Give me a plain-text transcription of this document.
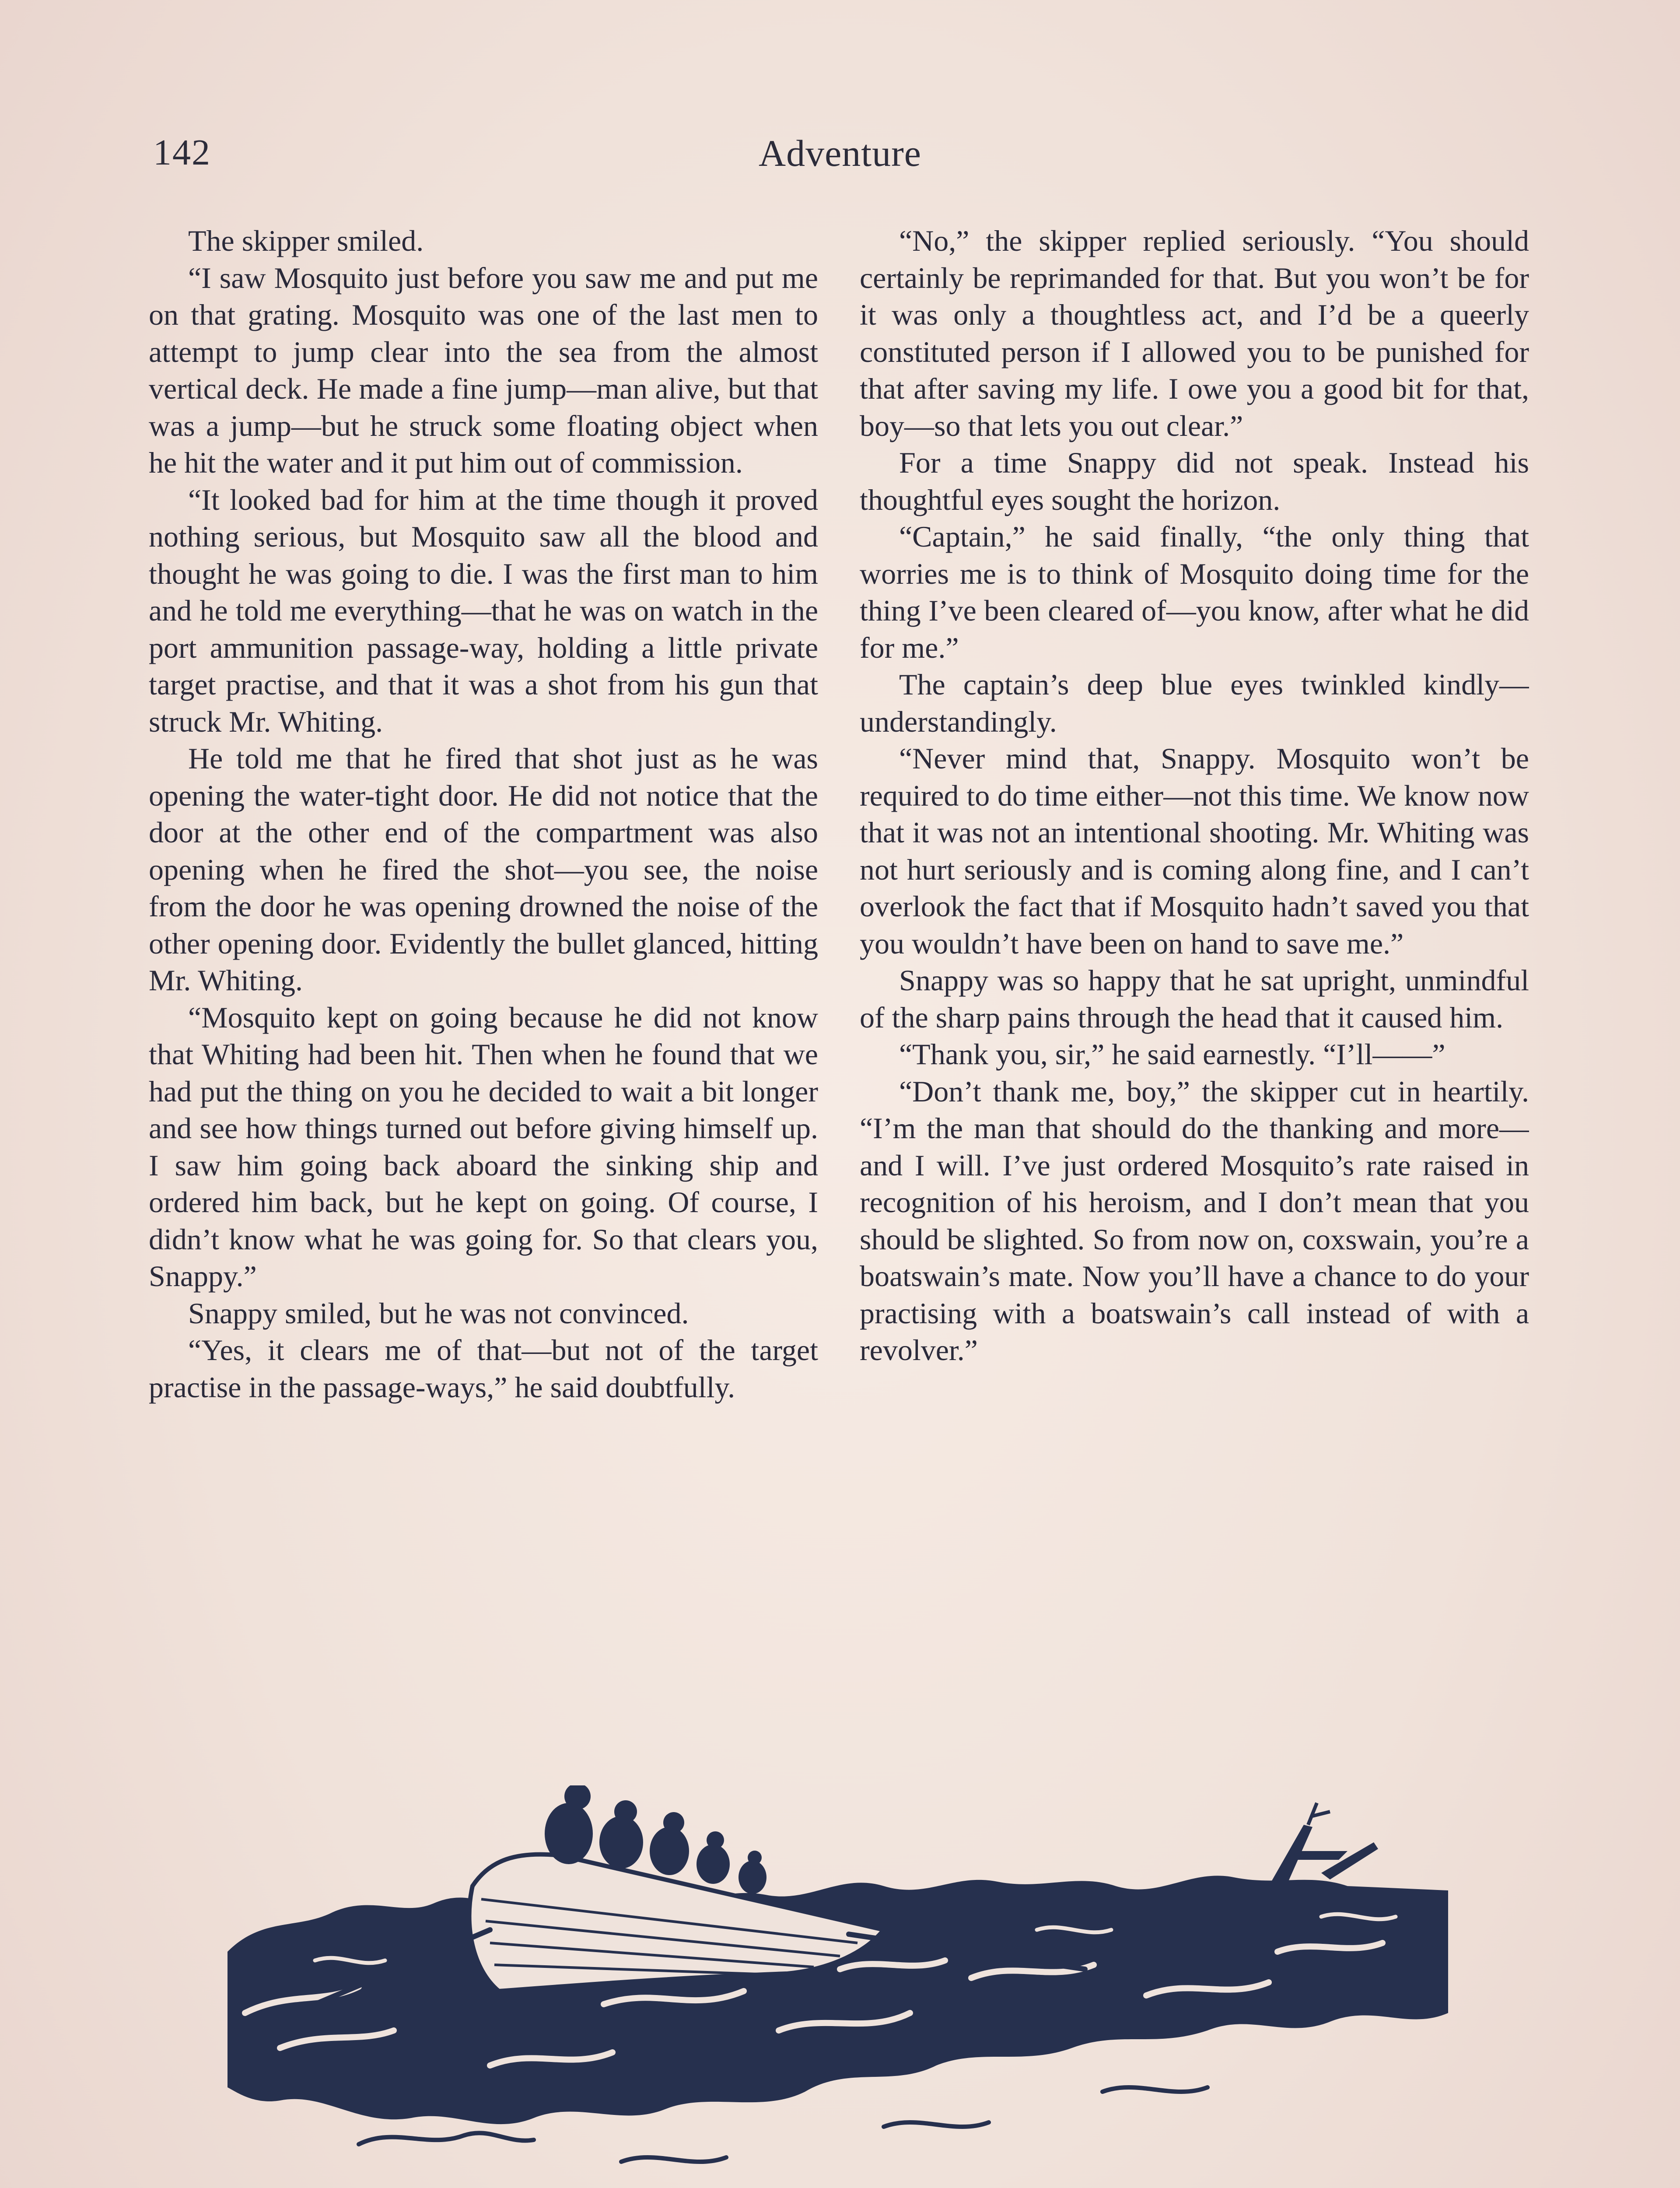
142	Adventure

The skipper smiled.

“I saw Mosquito just before you saw me and put me on that grating. Mosquito was one of the last men to attempt to jump clear into the sea from the almost vertical deck. He made a fine jump—man alive, but that was a jump—but he struck some floating object when he hit the water and it put him out of commission.

“It looked bad for him at the time though it proved nothing serious, but Mosquito saw all the blood and thought he was going to die. I was the first man to him and he told me everything—that he was on watch in the port ammunition passage-way, holding a little private target practise, and that it was a shot from his gun that struck Mr. Whiting.

He told me that he fired that shot just as he was opening the water-tight door. He did not notice that the door at the other end of the compartment was also opening when he fired the shot—you see, the noise from the door he was opening drowned the noise of the other opening door. Evidently the bullet glanced, hitting Mr. Whiting.

“Mosquito kept on going because he did not know that Whiting had been hit. Then when he found that we had put the thing on you he decided to wait a bit longer and see how things turned out before giving himself up. I saw him going back aboard the sinking ship and ordered him back, but he kept on going. Of course, I didn’t know what he was going for. So that clears you, Snappy.”

Snappy smiled, but he was not convinced.

“Yes, it clears me of that—but not of the target practise in the passage-ways,” he said doubtfully.

“No,” the skipper replied seriously. “You should certainly be reprimanded for that. But you won’t be for it was only a thoughtless act, and I’d be a queerly constituted person if I allowed you to be punished for that after saving my life. I owe you a good bit for that, boy—so that lets you out clear.”

For a time Snappy did not speak. Instead his thoughtful eyes sought the horizon.

“Captain,” he said finally, “the only thing that worries me is to think of Mosquito doing time for the thing I’ve been cleared of—you know, after what he did for me.”

The captain’s deep blue eyes twinkled kindly—understandingly.

“Never mind that, Snappy. Mosquito won’t be required to do time either—not this time. We know now that it was not an intentional shooting. Mr. Whiting was not hurt seriously and is coming along fine, and I can’t overlook the fact that if Mosquito hadn’t saved you that you wouldn’t have been on hand to save me.”

Snappy was so happy that he sat upright, unmindful of the sharp pains through the head that it caused him.

“Thank you, sir,” he said earnestly. “I’ll——”

“Don’t thank me, boy,” the skipper cut in heartily. “I’m the man that should do the thanking and more—and I will. I’ve just ordered Mosquito’s rate raised in recognition of his heroism, and I don’t mean that you should be slighted. So from now on, coxswain, you’re a boatswain’s mate. Now you’ll have a chance to do your practising with a boatswain’s call instead of with a revolver.”
